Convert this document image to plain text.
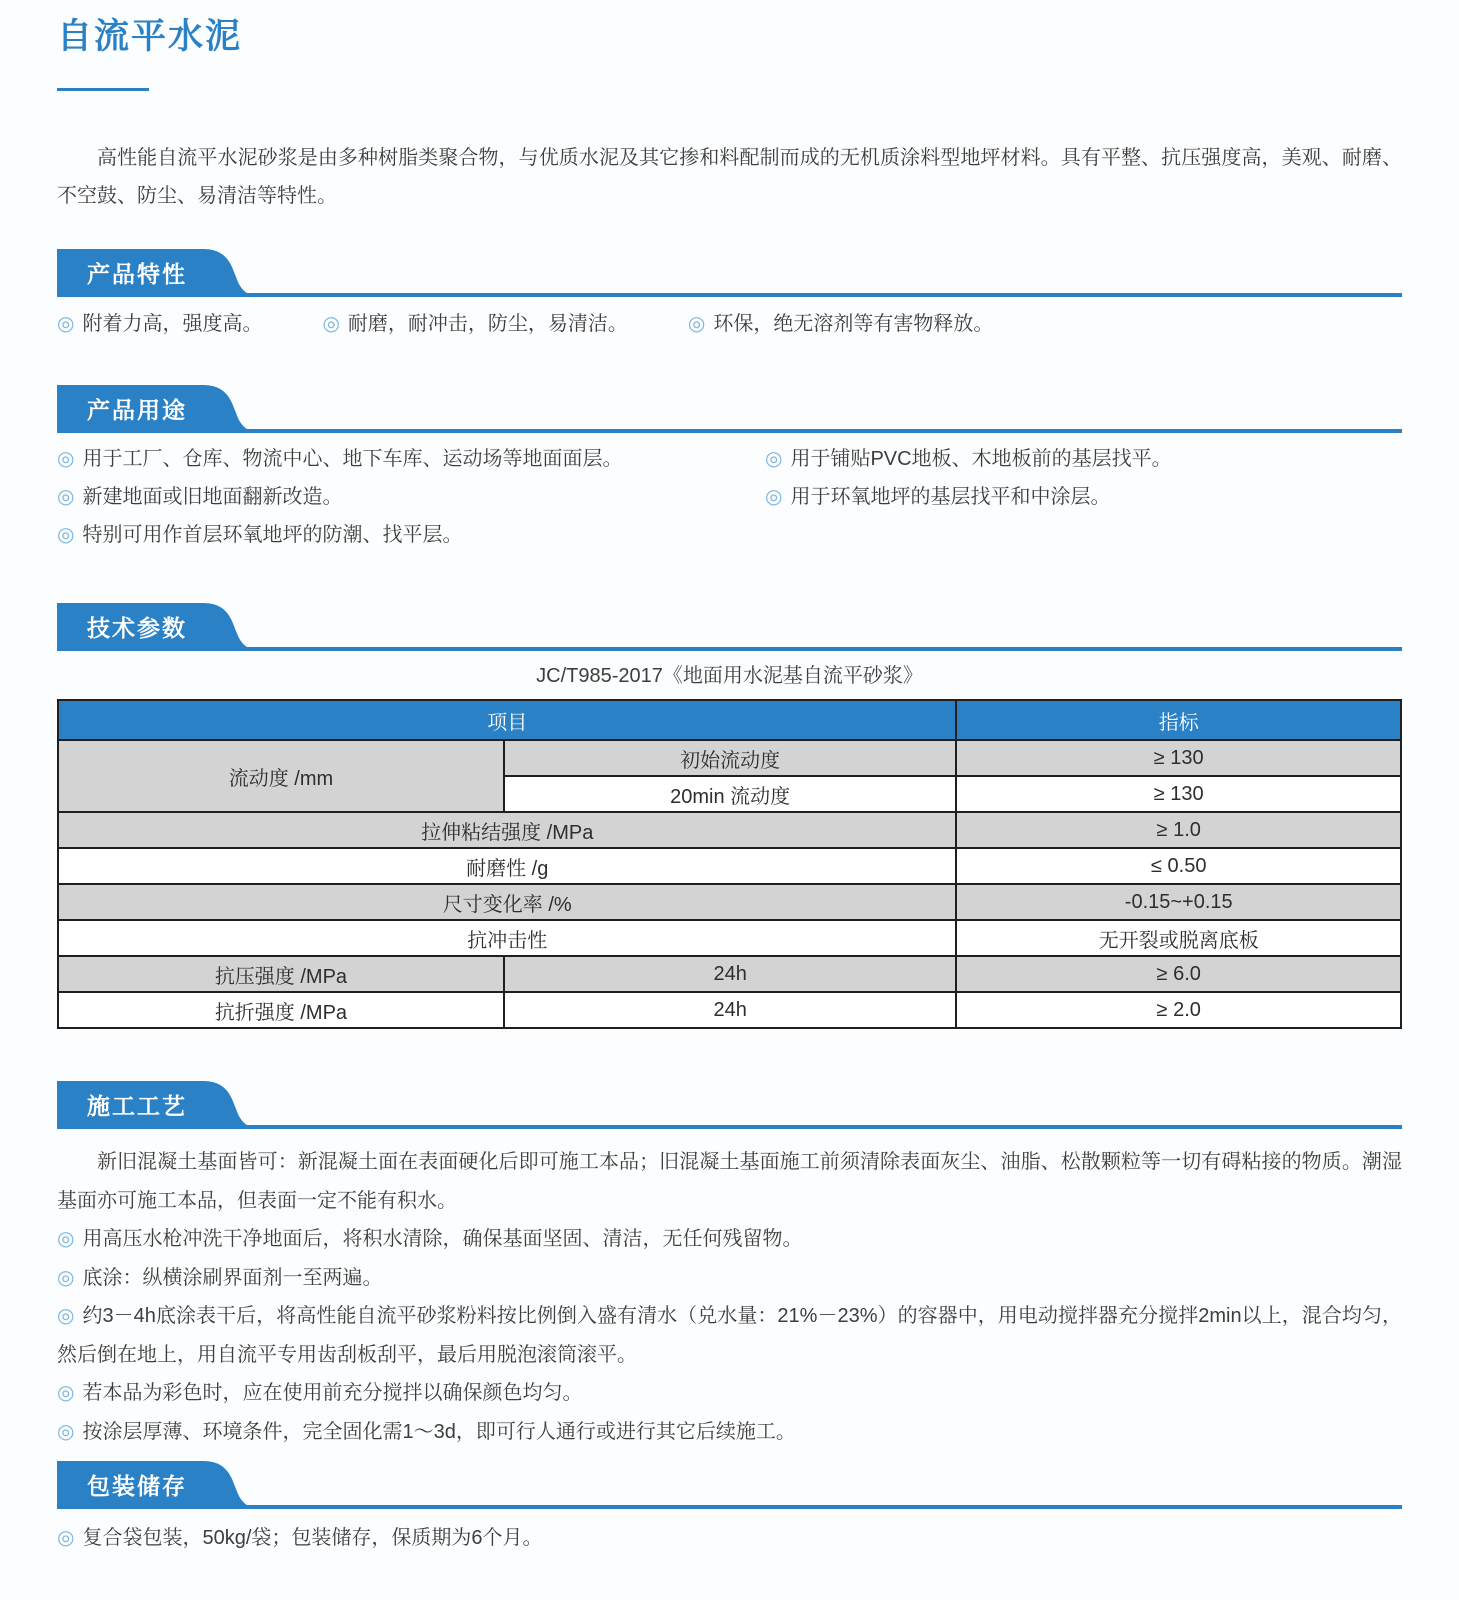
自流平水泥

高性能自流平水泥砂浆是由多种树脂类聚合物，与优质水泥及其它掺和料配制而成的无机质涂料型地坪材料。具有平整、抗压强度高，美观、耐磨、不空鼓、防尘、易清洁等特性。

产品特性
◎ 附着力高，强度高。	◎ 耐磨，耐冲击，防尘，易清洁。	◎ 环保，绝无溶剂等有害物释放。
产品用途
◎ 用于工厂、仓库、物流中心、地下车库、运动场等地面面层。
◎ 新建地面或旧地面翻新改造。
◎ 特别可用作首层环氧地坪的防潮、找平层。
◎ 用于铺贴PVC地板、木地板前的基层找平。
◎ 用于环氧地坪的基层找平和中涂层。
技术参数

JC/T985-2017《地面用水泥基自流平砂浆》

项目		指标
流动度 /mm	初始流动度	≥ 130
	20min 流动度	≥ 130
拉伸粘结强度 /MPa		≥ 1.0
耐磨性 /g		≤ 0.50
尺寸变化率 /%		-0.15~+0.15
抗冲击性		无开裂或脱离底板
抗压强度 /MPa	24h	≥ 6.0
抗折强度 /MPa	24h	≥ 2.0
施工工艺

新旧混凝土基面皆可：新混凝土面在表面硬化后即可施工本品；旧混凝土基面施工前须清除表面灰尘、油脂、松散颗粒等一切有碍粘接的物质。潮湿基面亦可施工本品，但表面一定不能有积水。

◎ 用高压水枪冲洗干净地面后，将积水清除，确保基面坚固、清洁，无任何残留物。

◎ 底涂：纵横涂刷界面剂一至两遍。

◎ 约3－4h底涂表干后，将高性能自流平砂浆粉料按比例倒入盛有清水（兑水量：21%－23%）的容器中，用电动搅拌器充分搅拌2min以上，混合均匀，然后倒在地上，用自流平专用齿刮板刮平，最后用脱泡滚筒滚平。

◎ 若本品为彩色时，应在使用前充分搅拌以确保颜色均匀。

◎ 按涂层厚薄、环境条件，完全固化需1～3d，即可行人通行或进行其它后续施工。

包装储存

◎ 复合袋包装，50kg/袋；包装储存，保质期为6个月。
